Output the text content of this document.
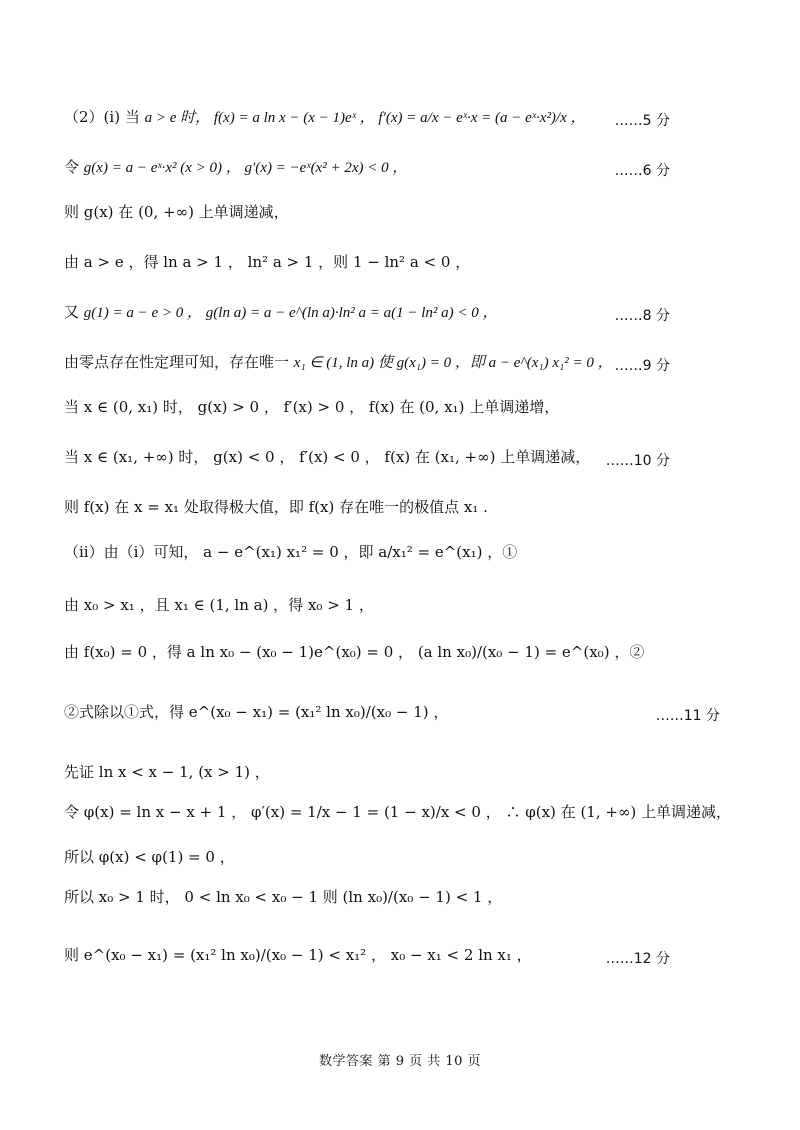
（2）(i) 当 a > e 时， f(x) = a ln x − (x − 1)eˣ ， f′(x) = a/x − eˣ·x = (a − eˣ·x²)/x ，	……5 分
令 g(x) = a − eˣ·x² (x > 0) ， g′(x) = −eˣ(x² + 2x) < 0 ，	……6 分
则 g(x) 在 (0, +∞) 上单调递减，
由 a > e ，得 ln a > 1 ， ln² a > 1 ，则 1 − ln² a < 0 ，
又 g(1) = a − e > 0 ， g(ln a) = a − e^(ln a)·ln² a = a(1 − ln² a) < 0 ，	……8 分
由零点存在性定理可知，存在唯一 x₁ ∈ (1, ln a) 使 g(x₁) = 0 ，即 a − e^(x₁) x₁² = 0 ， ……9 分
当 x ∈ (0, x₁) 时， g(x) > 0 ， f′(x) > 0 ， f(x) 在 (0, x₁) 上单调递增，
当 x ∈ (x₁, +∞) 时， g(x) < 0 ， f′(x) < 0 ， f(x) 在 (x₁, +∞) 上单调递减，	……10 分
则 f(x) 在 x = x₁ 处取得极大值，即 f(x) 存在唯一的极值点 x₁ .
（ii）由（i）可知， a − e^(x₁) x₁² = 0 ，即 a/x₁² = e^(x₁) ，①
由 x₀ > x₁ ，且 x₁ ∈ (1, ln a) ，得 x₀ > 1 ，
由 f(x₀) = 0 ，得 a ln x₀ − (x₀ − 1)e^(x₀) = 0 ， (a ln x₀)/(x₀ − 1) = e^(x₀) ，②
②式除以①式，得 e^(x₀ − x₁) = (x₁² ln x₀)/(x₀ − 1) ，	……11 分
先证 ln x < x − 1, (x > 1) ，
令 φ(x) = ln x − x + 1 ， φ′(x) = 1/x − 1 = (1 − x)/x < 0 ， ∴ φ(x) 在 (1, +∞) 上单调递减，
所以 φ(x) < φ(1) = 0 ，
所以 x₀ > 1 时， 0 < ln x₀ < x₀ − 1 则 (ln x₀)/(x₀ − 1) < 1 ，
则 e^(x₀ − x₁) = (x₁² ln x₀)/(x₀ − 1) < x₁² ， x₀ − x₁ < 2 ln x₁ ，	……12 分
数学答案 第 9 页 共 10 页
